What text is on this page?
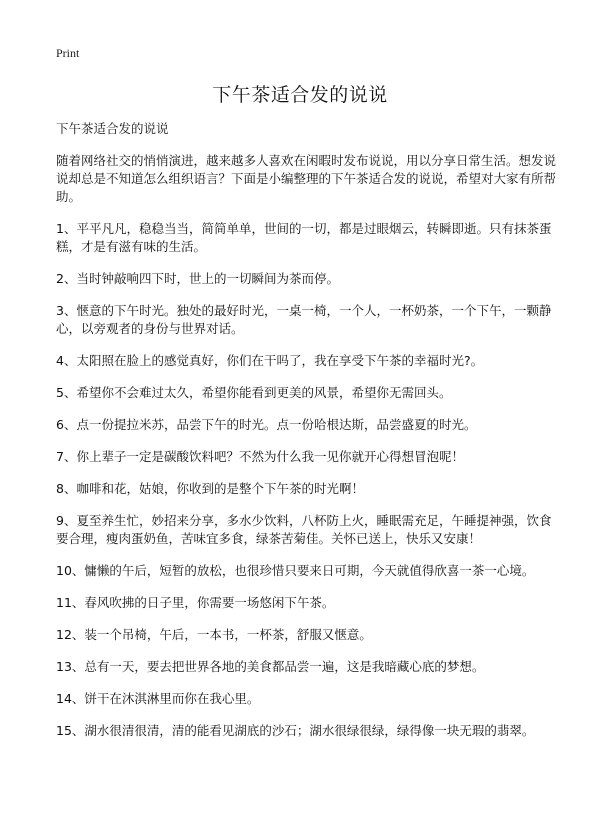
Print
下午茶适合发的说说

下午茶适合发的说说

随着网络社交的悄悄演进，越来越多人喜欢在闲暇时发布说说，用以分享日常生活。想发说说却总是不知道怎么组织语言？下面是小编整理的下午茶适合发的说说，希望对大家有所帮助。

1、平平凡凡，稳稳当当，简简单单，世间的一切，都是过眼烟云，转瞬即逝。只有抹茶蛋糕，才是有滋有味的生活。

2、当时钟敲响四下时，世上的一切瞬间为茶而停。

3、惬意的下午时光。独处的最好时光，一桌一椅，一个人，一杯奶茶，一个下午，一颗静心，以旁观者的身份与世界对话。

4、太阳照在脸上的感觉真好，你们在干吗了，我在享受下午茶的幸福时光?。

5、希望你不会难过太久，希望你能看到更美的风景，希望你无需回头。

6、点一份提拉米苏，品尝下午的时光。点一份哈根达斯，品尝盛夏的时光。

7、你上辈子一定是碳酸饮料吧？不然为什么我一见你就开心得想冒泡呢！

8、咖啡和花，姑娘，你收到的是整个下午茶的时光啊！

9、夏至养生忙，妙招来分享，多水少饮料，八杯防上火，睡眠需充足，午睡提神强，饮食要合理，瘦肉蛋奶鱼，苦味宜多食，绿茶苦菊佳。关怀已送上，快乐又安康！

10、慵懒的午后，短暂的放松，也很珍惜只要来日可期，今天就值得欣喜一茶一心境。

11、春风吹拂的日子里，你需要一场悠闲下午茶。

12、装一个吊椅，午后，一本书，一杯茶，舒服又惬意。

13、总有一天，要去把世界各地的美食都品尝一遍，这是我暗藏心底的梦想。

14、饼干在沐淇淋里而你在我心里。

15、湖水很清很清，清的能看见湖底的沙石；湖水很绿很绿，绿得像一块无瑕的翡翠。
